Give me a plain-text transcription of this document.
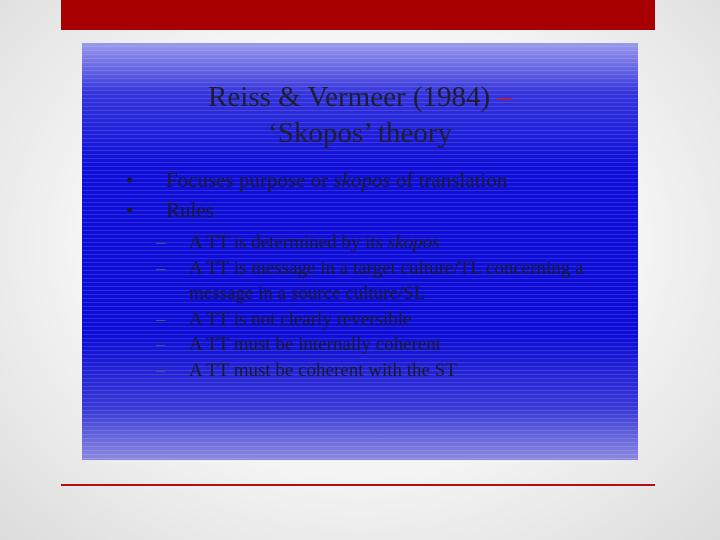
Reiss & Vermeer (1984) –
‘Skopos’ theory
• Focuses purpose or skopos of translation
• Rules
– A TT is determined by its skopos
– A TT is message in a target culture/TL concerning a message in a source culture/SL
– A TT is not clearly reversible
– A TT must be internally coherent
– A TT must be coherent with the ST
